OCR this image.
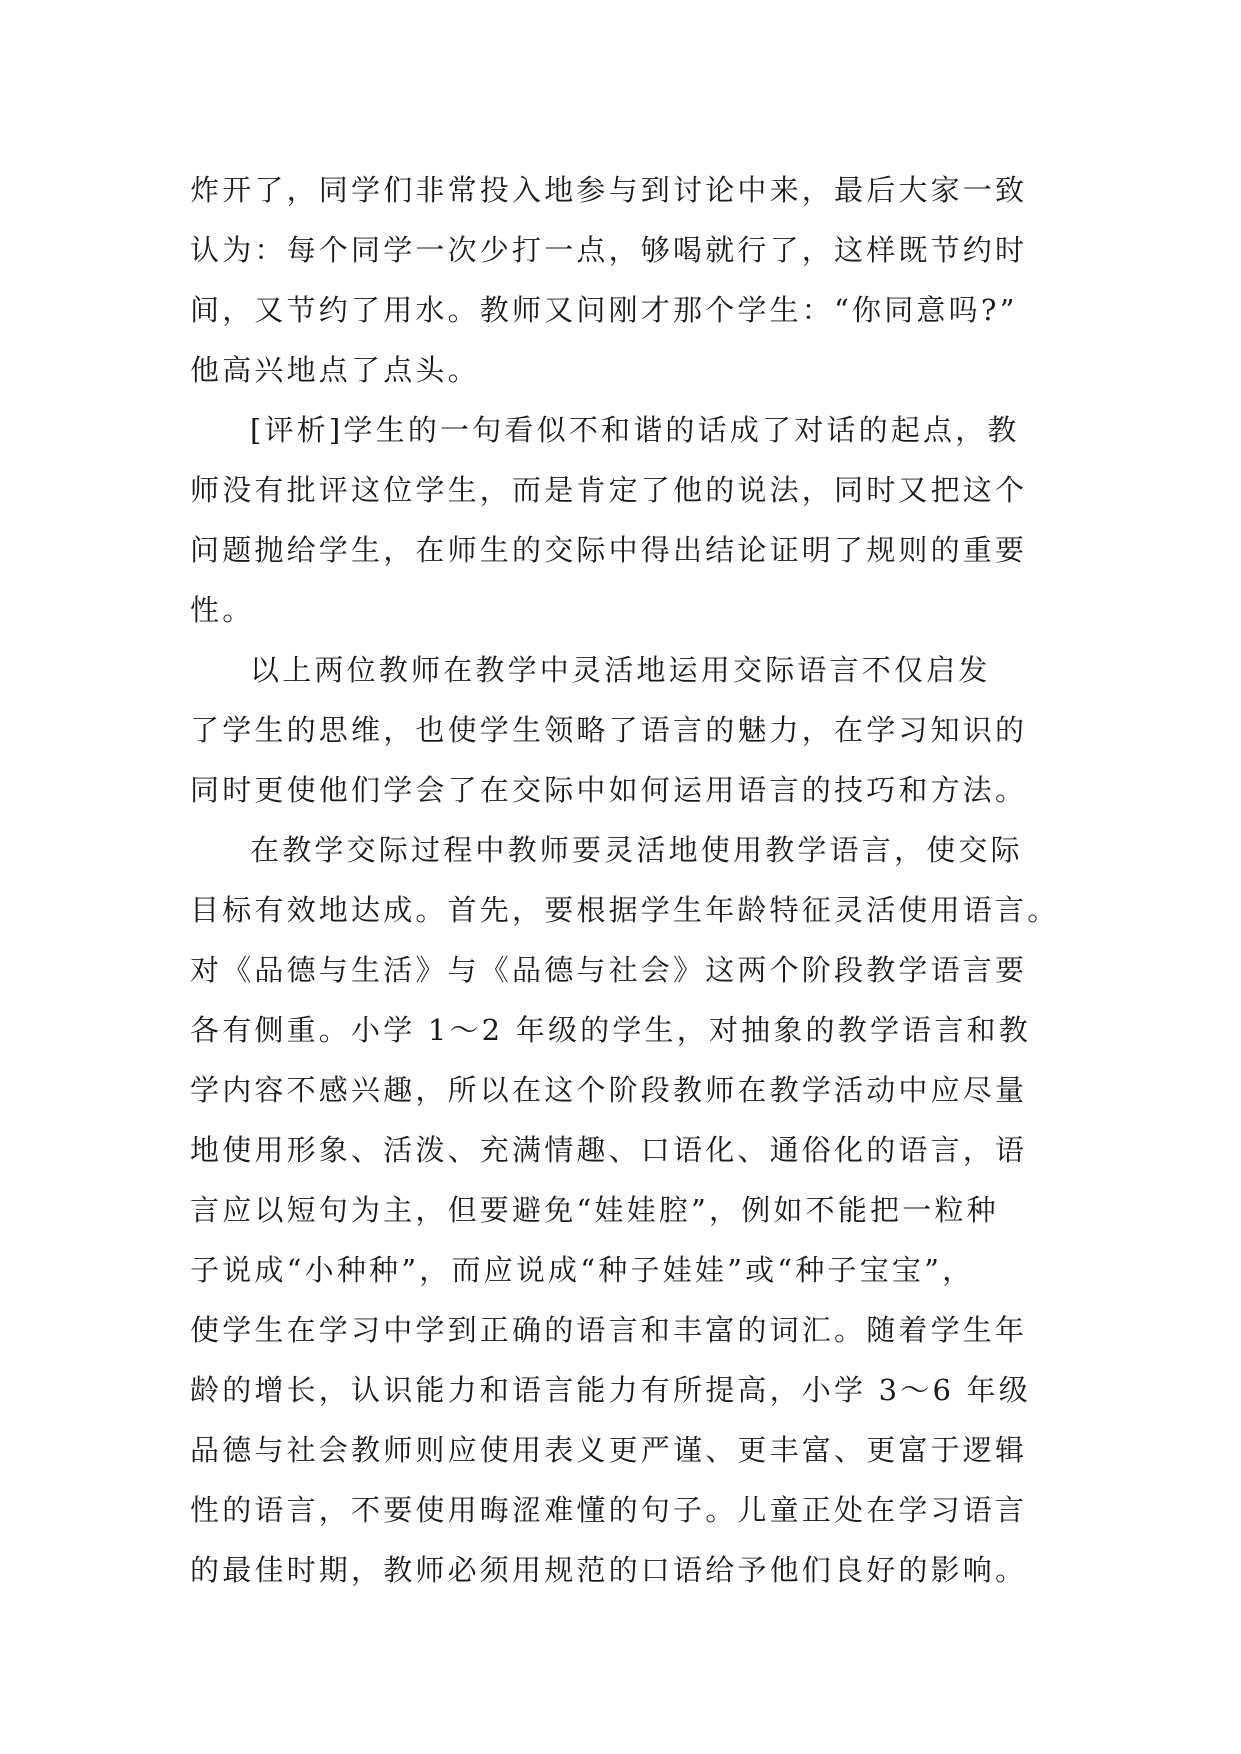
炸开了，同学们非常投入地参与到讨论中来，最后大家一致
认为：每个同学一次少打一点，够喝就行了，这样既节约时
间，又节约了用水。教师又问刚才那个学生：“你同意吗?”
他高兴地点了点头。
[评析]学生的一句看似不和谐的话成了对话的起点，教
师没有批评这位学生，而是肯定了他的说法，同时又把这个
问题抛给学生，在师生的交际中得出结论证明了规则的重要
性。
以上两位教师在教学中灵活地运用交际语言不仅启发
了学生的思维，也使学生领略了语言的魅力，在学习知识的
同时更使他们学会了在交际中如何运用语言的技巧和方法。
在教学交际过程中教师要灵活地使用教学语言，使交际
目标有效地达成。首先，要根据学生年龄特征灵活使用语言。
对《品德与生活》与《品德与社会》这两个阶段教学语言要
各有侧重。小学 1～2 年级的学生，对抽象的教学语言和教
学内容不感兴趣，所以在这个阶段教师在教学活动中应尽量
地使用形象、活泼、充满情趣、口语化、通俗化的语言，语
言应以短句为主，但要避免“娃娃腔”，例如不能把一粒种
子说成“小种种”，而应说成“种子娃娃”或“种子宝宝”，
使学生在学习中学到正确的语言和丰富的词汇。随着学生年
龄的增长，认识能力和语言能力有所提高，小学 3～6 年级
品德与社会教师则应使用表义更严谨、更丰富、更富于逻辑
性的语言，不要使用晦涩难懂的句子。儿童正处在学习语言
的最佳时期，教师必须用规范的口语给予他们良好的影响。
